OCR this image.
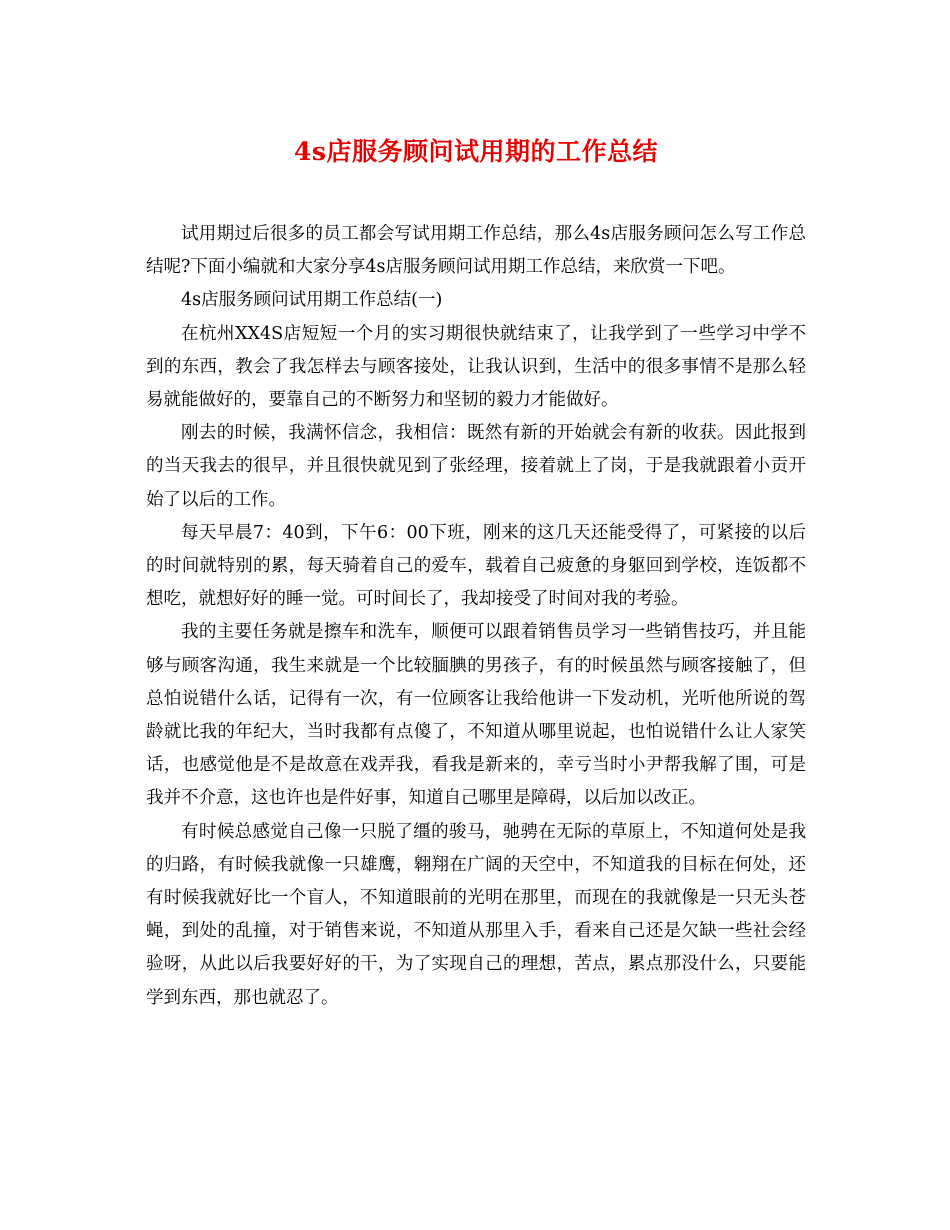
4s店服务顾问试用期的工作总结

试用期过后很多的员工都会写试用期工作总结，那么4s店服务顾问怎么写工作总结呢?下面小编就和大家分享4s店服务顾问试用期工作总结，来欣赏一下吧。

4s店服务顾问试用期工作总结(一)

在杭州XX4S店短短一个月的实习期很快就结束了，让我学到了一些学习中学不到的东西，教会了我怎样去与顾客接处，让我认识到，生活中的很多事情不是那么轻易就能做好的，要靠自己的不断努力和坚韧的毅力才能做好。

刚去的时候，我满怀信念，我相信：既然有新的开始就会有新的收获。因此报到的当天我去的很早，并且很快就见到了张经理，接着就上了岗，于是我就跟着小贡开始了以后的工作。

每天早晨7：40到，下午6：00下班，刚来的这几天还能受得了，可紧接的以后的时间就特别的累，每天骑着自己的爱车，载着自己疲惫的身躯回到学校，连饭都不想吃，就想好好的睡一觉。可时间长了，我却接受了时间对我的考验。

我的主要任务就是擦车和洗车，顺便可以跟着销售员学习一些销售技巧，并且能够与顾客沟通，我生来就是一个比较腼腆的男孩子，有的时候虽然与顾客接触了，但总怕说错什么话，记得有一次，有一位顾客让我给他讲一下发动机，光听他所说的驾龄就比我的年纪大，当时我都有点傻了，不知道从哪里说起，也怕说错什么让人家笑话，也感觉他是不是故意在戏弄我，看我是新来的，幸亏当时小尹帮我解了围，可是我并不介意，这也许也是件好事，知道自己哪里是障碍，以后加以改正。

有时候总感觉自己像一只脱了缰的骏马，驰骋在无际的草原上，不知道何处是我的归路，有时候我就像一只雄鹰，翱翔在广阔的天空中，不知道我的目标在何处，还有时候我就好比一个盲人，不知道眼前的光明在那里，而现在的我就像是一只无头苍蝇，到处的乱撞，对于销售来说，不知道从那里入手，看来自己还是欠缺一些社会经验呀，从此以后我要好好的干，为了实现自己的理想，苦点，累点那没什么，只要能学到东西，那也就忍了。
